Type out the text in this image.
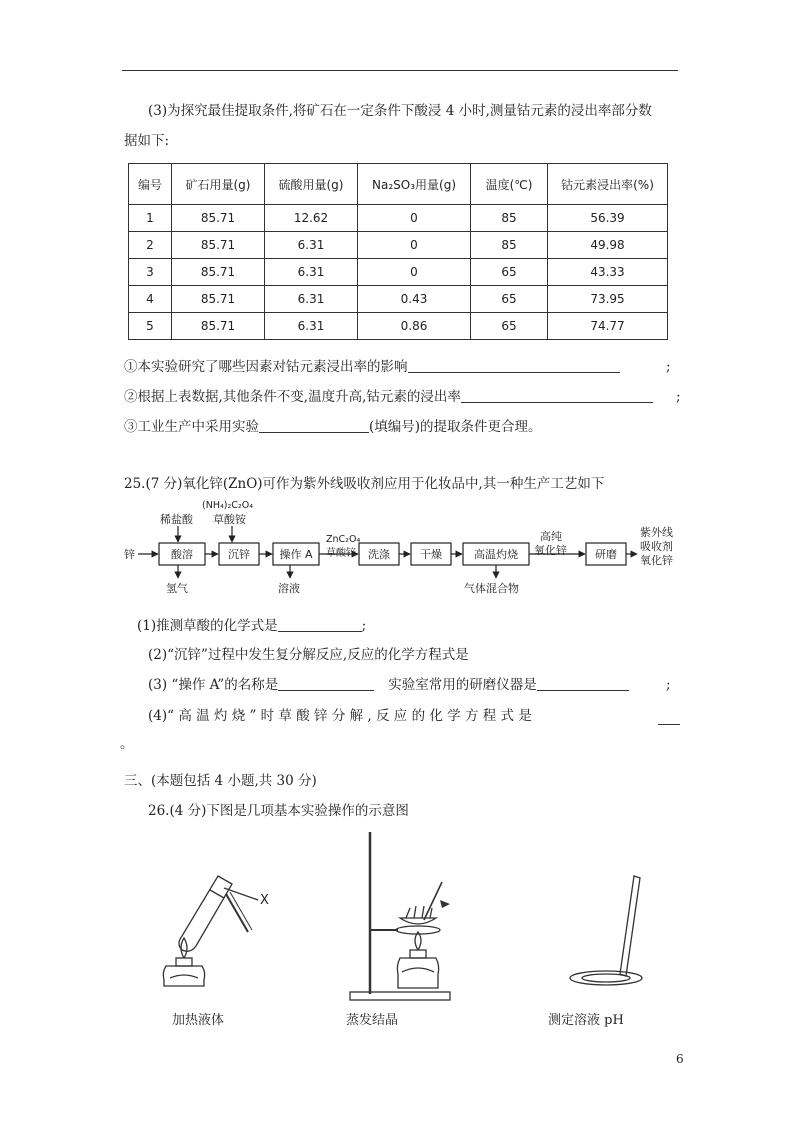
(3)为探究最佳提取条件,将矿石在一定条件下酸浸 4 小时,测量钴元素的浸出率部分数
据如下:
编号	矿石用量(g)	硫酸用量(g)	Na₂SO₃用量(g)	温度(℃)	钴元素浸出率(%)
1	85.71	12.62	0	85	56.39
2	85.71	6.31	0	85	49.98
3	85.71	6.31	0	65	43.33
4	85.71	6.31	0.43	65	73.95
5	85.71	6.31	0.86	65	74.77
①本实验研究了哪些因素对钴元素浸出率的影响	;
②根据上表数据,其他条件不变,温度升高,钴元素的浸出率	;
③工业生产中采用实验	(填编号)的提取条件更合理。
25.(7 分)氧化锌(ZnO)可作为紫外线吸收剂应用于化妆品中,其一种生产工艺如下
锌
稀盐酸
(NH₄)₂C₂O₄
草酸铵
酸溶	沉锌	操作 A
ZnC₂O₄
草酸锌 洗涤	干燥	高温灼烧
高纯
氧化锌	研磨
紫外线
吸收剂
氧化锌
氢气	溶液	气体混合物
(1)推测草酸的化学式是	;
(2)“沉锌”过程中发生复分解反应,反应的化学方程式是
(3) “操作 A”的名称是	实验室常用的研磨仪器是	;
(4)“ 高 温 灼 烧 ” 时 草 酸 锌 分 解 , 反 应 的 化 学 方 程 式 是
。
三、(本题包括 4 小题,共 30 分)
26.(4 分)下图是几项基本实验操作的示意图
X
加热液体	蒸发结晶	测定溶液 pH
6
